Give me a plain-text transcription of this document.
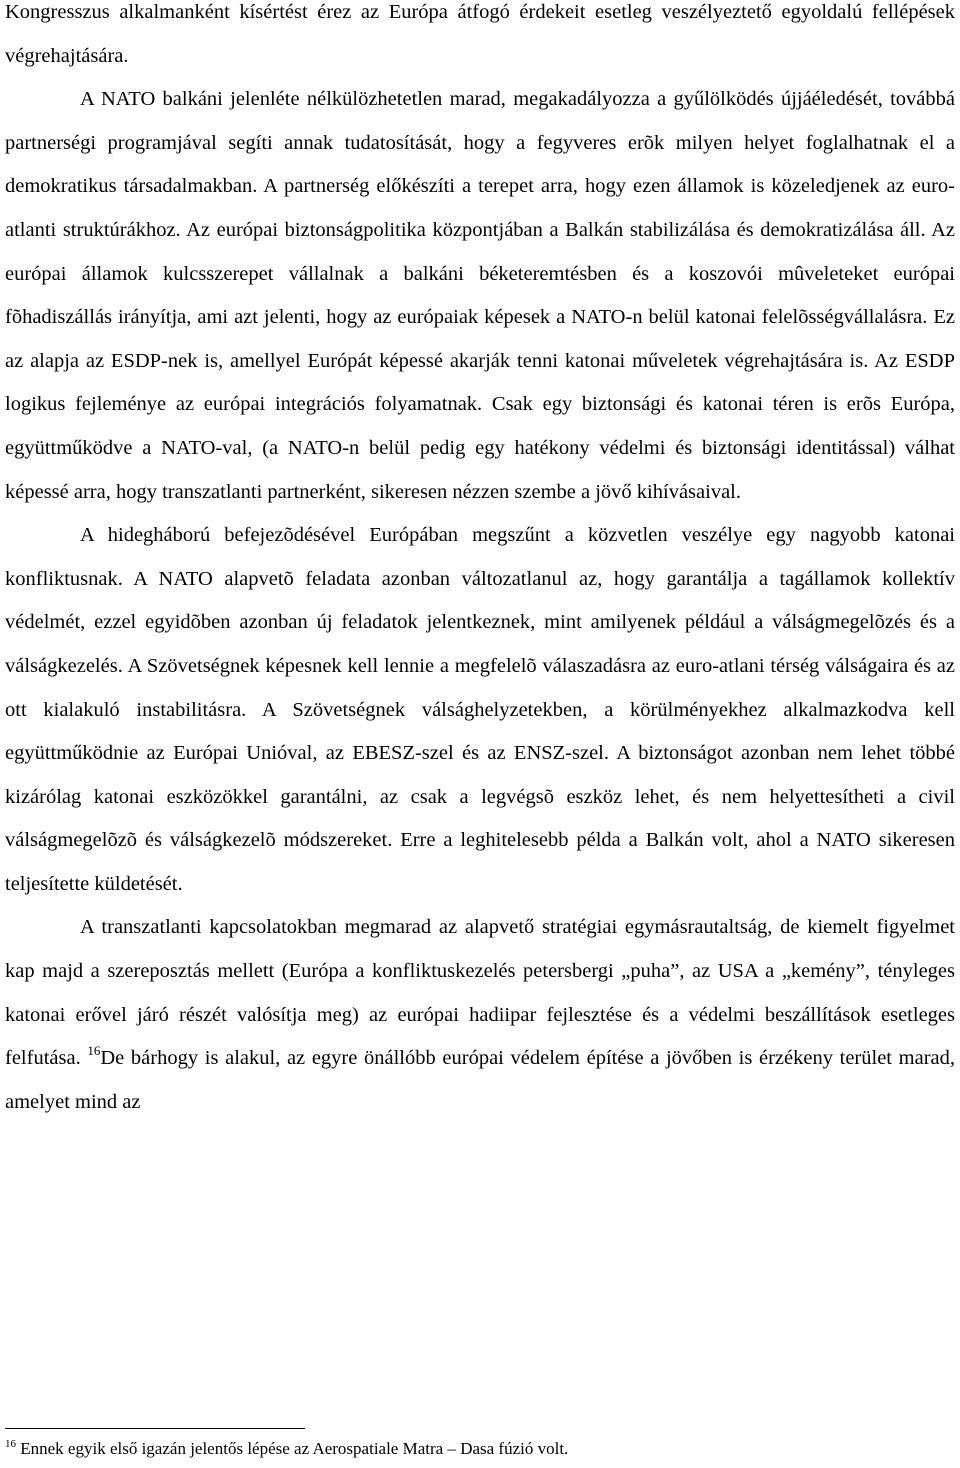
Kongresszus alkalmanként kísértést érez az Európa átfogó érdekeit esetleg veszélyeztető egyoldalú fellépések végrehajtására.

A NATO balkáni jelenléte nélkülözhetetlen marad, megakadályozza a gyűlölködés újjáéledését, továbbá partnerségi programjával segíti annak tudatosítását, hogy a fegyveres erõk milyen helyet foglalhatnak el a demokratikus társadalmakban. A partnerség előkészíti a terepet arra, hogy ezen államok is közeledjenek az euro-atlanti struktúrákhoz. Az európai biztonságpolitika központjában a Balkán stabilizálása és demokratizálása áll. Az európai államok kulcsszerepet vállalnak a balkáni béketeremtésben és a koszovói mûveleteket európai fõhadiszállás irányítja, ami azt jelenti, hogy az európaiak képesek a NATO-n belül katonai felelõsségvállalásra. Ez az alapja az ESDP-nek is, amellyel Európát képessé akarják tenni katonai műveletek végrehajtására is. Az ESDP logikus fejleménye az európai integrációs folyamatnak. Csak egy biztonsági és katonai téren is erõs Európa, együttműködve a NATO-val, (a NATO-n belül pedig egy hatékony védelmi és biztonsági identitással) válhat képessé arra, hogy transzatlanti partnerként, sikeresen nézzen szembe a jövő kihívásaival.

A hidegháború befejezõdésével Európában megszűnt a közvetlen veszélye egy nagyobb katonai konfliktusnak. A NATO alapvetõ feladata azonban változatlanul az, hogy garantálja a tagállamok kollektív védelmét, ezzel egyidõben azonban új feladatok jelentkeznek, mint amilyenek például a válságmegelõzés és a válságkezelés. A Szövetségnek képesnek kell lennie a megfelelõ válaszadásra az euro-atlani térség válságaira és az ott kialakuló instabilitásra. A Szövetségnek válsághelyzetekben, a körülményekhez alkalmazkodva kell együttműködnie az Európai Unióval, az EBESZ-szel és az ENSZ-szel. A biztonságot azonban nem lehet többé kizárólag katonai eszközökkel garantálni, az csak a legvégsõ eszköz lehet, és nem helyettesítheti a civil válságmegelõzõ és válságkezelõ módszereket. Erre a leghitelesebb példa a Balkán volt, ahol a NATO sikeresen teljesítette küldetését.

A transzatlanti kapcsolatokban megmarad az alapvető stratégiai egymásrautaltság, de kiemelt figyelmet kap majd a szereposztás mellett (Európa a konfliktuskezelés petersbergi „puha”, az USA a „kemény”, tényleges katonai erővel járó részét valósítja meg) az európai hadiipar fejlesztése és a védelmi beszállítások esetleges felfutása. $^{16}$De bárhogy is alakul, az egyre önállóbb európai védelem építése a jövőben is érzékeny terület marad, amelyet mind az

$^{16}$ Ennek egyik első igazán jelentős lépése az Aerospatiale Matra – Dasa fúzió volt.
